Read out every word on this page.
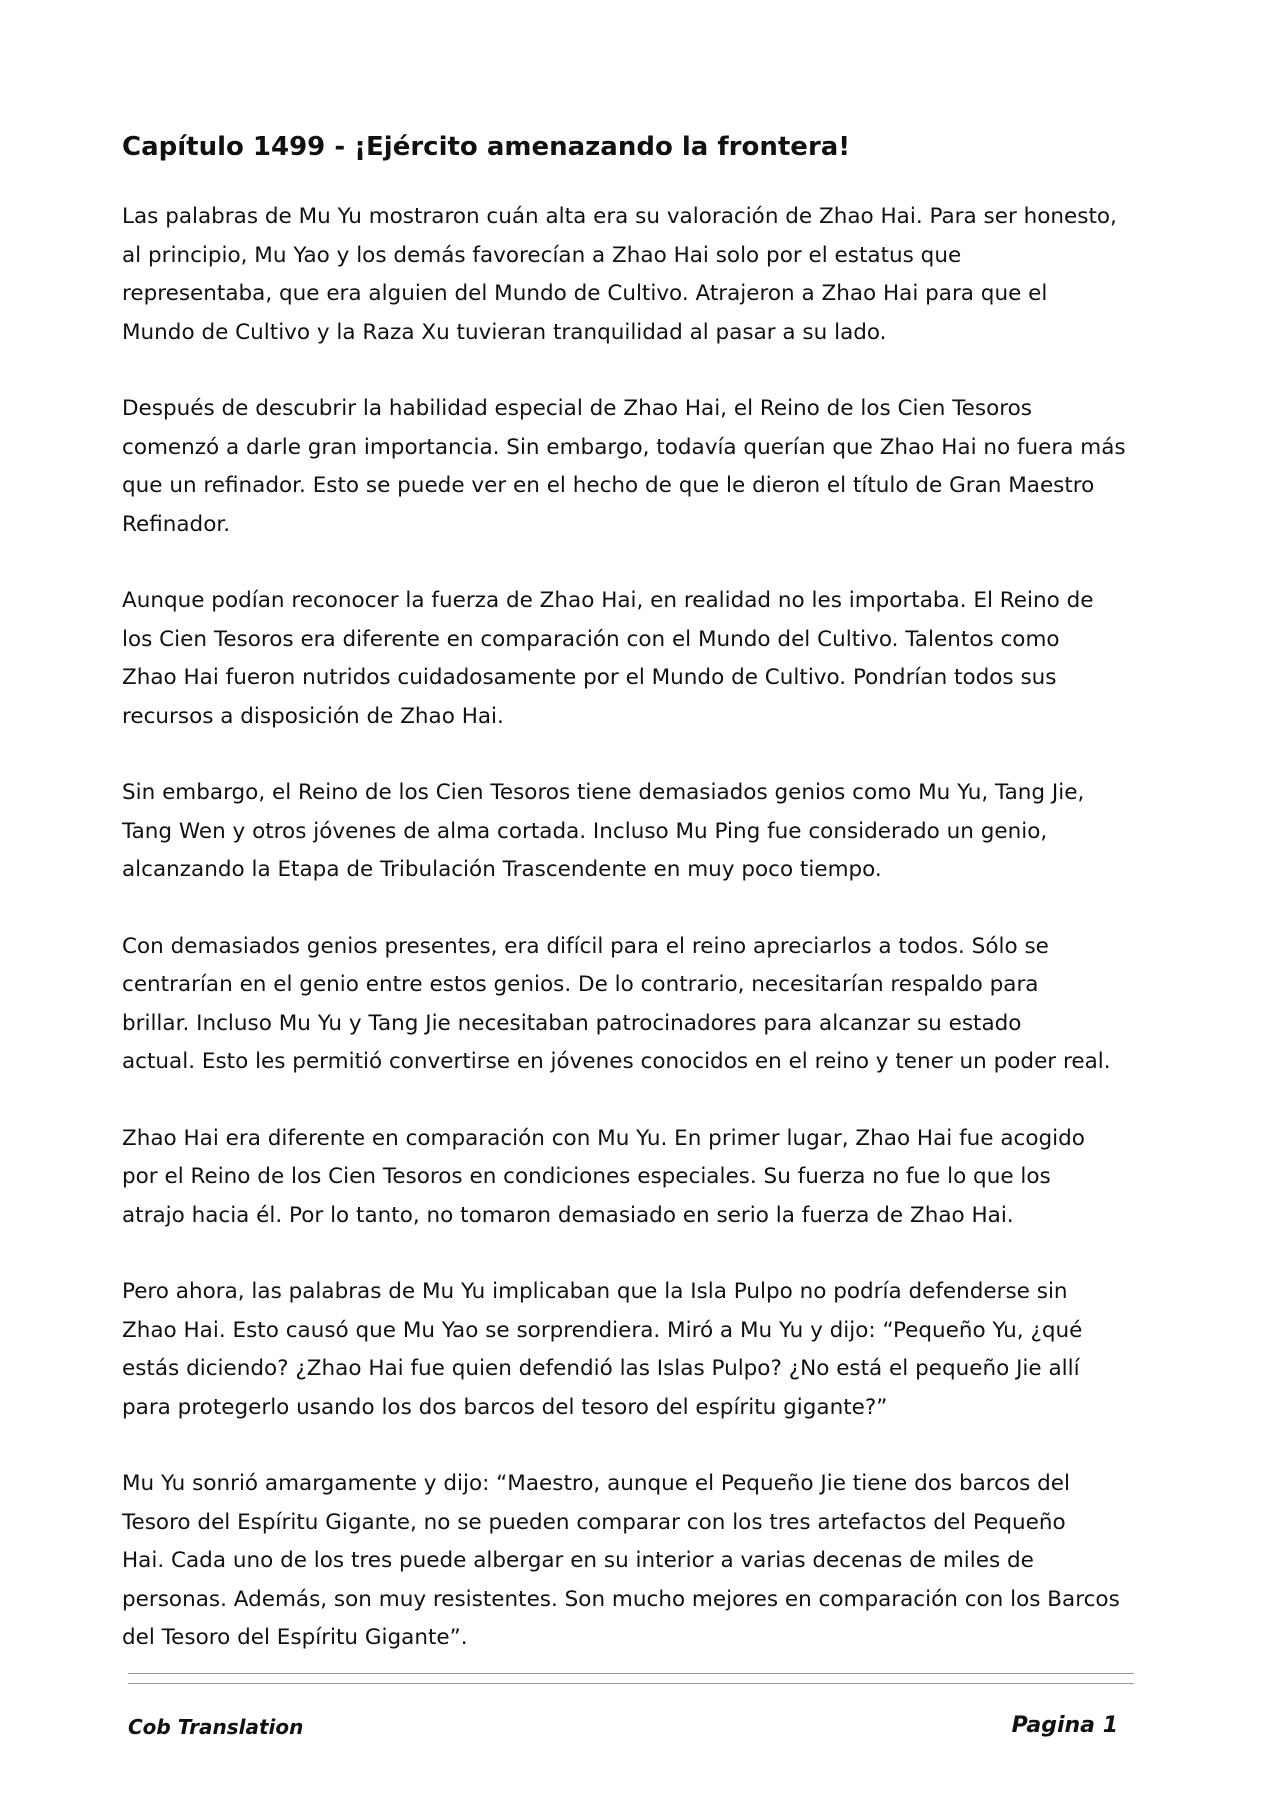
Capítulo 1499 - ¡Ejército amenazando la frontera!
Las palabras de Mu Yu mostraron cuán alta era su valoración de Zhao Hai. Para ser honesto,
al principio, Mu Yao y los demás favorecían a Zhao Hai solo por el estatus que
representaba, que era alguien del Mundo de Cultivo. Atrajeron a Zhao Hai para que el
Mundo de Cultivo y la Raza Xu tuvieran tranquilidad al pasar a su lado.
Después de descubrir la habilidad especial de Zhao Hai, el Reino de los Cien Tesoros
comenzó a darle gran importancia. Sin embargo, todavía querían que Zhao Hai no fuera más
que un refinador. Esto se puede ver en el hecho de que le dieron el título de Gran Maestro
Refinador.
Aunque podían reconocer la fuerza de Zhao Hai, en realidad no les importaba. El Reino de
los Cien Tesoros era diferente en comparación con el Mundo del Cultivo. Talentos como
Zhao Hai fueron nutridos cuidadosamente por el Mundo de Cultivo. Pondrían todos sus
recursos a disposición de Zhao Hai.
Sin embargo, el Reino de los Cien Tesoros tiene demasiados genios como Mu Yu, Tang Jie,
Tang Wen y otros jóvenes de alma cortada. Incluso Mu Ping fue considerado un genio,
alcanzando la Etapa de Tribulación Trascendente en muy poco tiempo.
Con demasiados genios presentes, era difícil para el reino apreciarlos a todos. Sólo se
centrarían en el genio entre estos genios. De lo contrario, necesitarían respaldo para
brillar. Incluso Mu Yu y Tang Jie necesitaban patrocinadores para alcanzar su estado
actual. Esto les permitió convertirse en jóvenes conocidos en el reino y tener un poder real.
Zhao Hai era diferente en comparación con Mu Yu. En primer lugar, Zhao Hai fue acogido
por el Reino de los Cien Tesoros en condiciones especiales. Su fuerza no fue lo que los
atrajo hacia él. Por lo tanto, no tomaron demasiado en serio la fuerza de Zhao Hai.
Pero ahora, las palabras de Mu Yu implicaban que la Isla Pulpo no podría defenderse sin
Zhao Hai. Esto causó que Mu Yao se sorprendiera. Miró a Mu Yu y dijo: “Pequeño Yu, ¿qué
estás diciendo? ¿Zhao Hai fue quien defendió las Islas Pulpo? ¿No está el pequeño Jie allí
para protegerlo usando los dos barcos del tesoro del espíritu gigante?”
Mu Yu sonrió amargamente y dijo: “Maestro, aunque el Pequeño Jie tiene dos barcos del
Tesoro del Espíritu Gigante, no se pueden comparar con los tres artefactos del Pequeño
Hai. Cada uno de los tres puede albergar en su interior a varias decenas de miles de
personas. Además, son muy resistentes. Son mucho mejores en comparación con los Barcos
del Tesoro del Espíritu Gigante”.
Cob Translation	Pagina 1
